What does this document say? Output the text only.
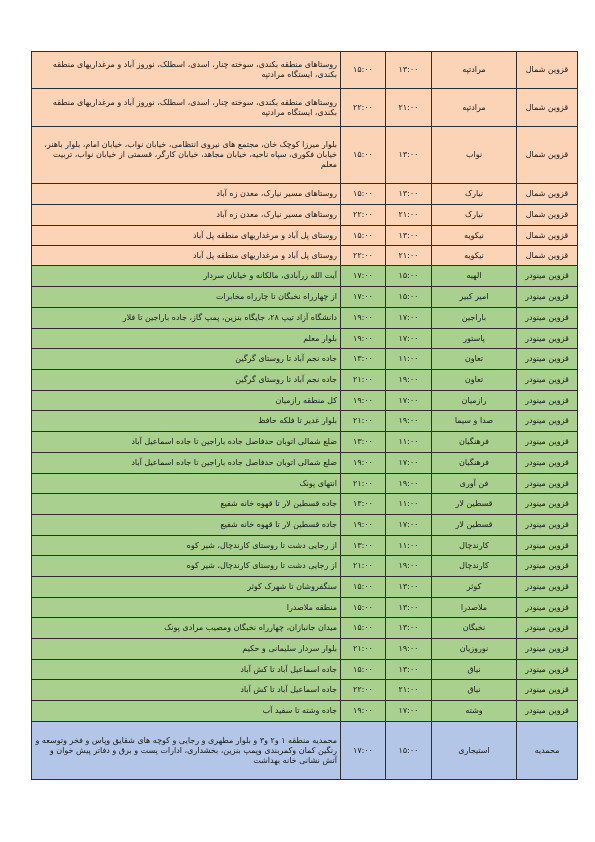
قزوین شمال	مرادتپه	۱۳:۰۰	۱۵:۰۰	روستاهای منطقه بکندی، سوخته چنار، اسدی، اسطلک، نوروز آباد و مرغداریهای منطقه بکندی، ایستگاه مرادتپه
قزوین شمال	مرادتپه	۲۱:۰۰	۲۲:۰۰	روستاهای منطقه بکندی، سوخته چنار، اسدی، اسطلک، نوروز آباد و مرغداریهای منطقه بکندی، ایستگاه مرادتپه
قزوین شمال	نواب	۱۳:۰۰	۱۵:۰۰	بلوار میرزا کوچک خان، مجتمع های نیروی انتظامی، خیابان نواب، خیابان امام، بلوار باهنر، خیابان فکوری، سپاه ناحیه، خیابان مجاهد، خیابان کارگر، قسمتی از خیابان نواب، تربیت معلم
قزوین شمال	نیارک	۱۳:۰۰	۱۵:۰۰	روستاهای مسیر نیارک، معدن زه آباد
قزوین شمال	نیارک	۲۱:۰۰	۲۲:۰۰	روستاهای مسیر نیارک، معدن زه آباد
قزوین شمال	نیکویه	۱۳:۰۰	۱۵:۰۰	روستای پل آباد و مرغداریهای منطقه پل آباد
قزوین شمال	نیکویه	۲۱:۰۰	۲۲:۰۰	روستای پل آباد و مرغداریهای منطقه پل آباد
قزوین مینودر	الهیه	۱۵:۰۰	۱۷:۰۰	آیت الله زرآبادی، مالکانه و خیابان سردار
قزوین مینودر	امیر کبیر	۱۵:۰۰	۱۷:۰۰	از چهارراه نخبگان تا چارراه مخابرات
قزوین مینودر	باراجین	۱۷:۰۰	۱۹:۰۰	دانشگاه آزاد تیپ ۲۸، جایگاه بنزین، پمپ گاز، جاده باراجین تا فلار
قزوین مینودر	پاستور	۱۷:۰۰	۱۹:۰۰	بلوار معلم
قزوین مینودر	تعاون	۱۱:۰۰	۱۳:۰۰	جاده نجم آباد تا روستای گرگین
قزوین مینودر	تعاون	۱۹:۰۰	۲۱:۰۰	جاده نجم آباد تا روستای گرگین
قزوین مینودر	رازمیان	۱۷:۰۰	۱۹:۰۰	کل منطقه رازمیان
قزوین مینودر	صدا و سیما	۱۹:۰۰	۲۱:۰۰	بلوار غدیر تا فلکه حافظ
قزوین مینودر	فرهنگیان	۱۱:۰۰	۱۳:۰۰	ضلع شمالی اتوبان حدفاصل جاده باراجین تا جاده اسماعیل آباد
قزوین مینودر	فرهنگیان	۱۷:۰۰	۱۹:۰۰	ضلع شمالی اتوبان حدفاصل جاده باراجین تا جاده اسماعیل آباد
قزوین مینودر	فن آوری	۱۹:۰۰	۲۱:۰۰	انتهای پونک
قزوین مینودر	قسطین لار	۱۱:۰۰	۱۳:۰۰	جاده قسطین لار تا قهوه خانه شفیع
قزوین مینودر	قسطین لار	۱۷:۰۰	۱۹:۰۰	جاده قسطین لار تا قهوه خانه شفیع
قزوین مینودر	کارندچال	۱۱:۰۰	۱۳:۰۰	از رجایی دشت تا روستای کارندچال، شیر کوه
قزوین مینودر	کارندچال	۱۹:۰۰	۲۱:۰۰	از رجایی دشت تا روستای کارندچال، شیر کوه
قزوین مینودر	کوثر	۱۳:۰۰	۱۵:۰۰	سنگفروشان تا شهرک کوثر
قزوین مینودر	ملاصدرا	۱۳:۰۰	۱۵:۰۰	منطقه ملاصدرا
قزوین مینودر	نخبگان	۱۳:۰۰	۱۵:۰۰	میدان جانبازان، چهارراه نخبگان ومصیب مرادی پونک
قزوین مینودر	نوروزیان	۱۹:۰۰	۲۱:۰۰	بلوار سردار سلیمانی و حکیم
قزوین مینودر	نیاق	۱۳:۰۰	۱۵:۰۰	جاده اسماعیل آباد تا کش آباد
قزوین مینودر	نیاق	۲۱:۰۰	۲۲:۰۰	جاده اسماعیل آباد تا کش آباد
قزوین مینودر	وشته	۱۷:۰۰	۱۹:۰۰	جاده وشته تا سفید آب
محمدیه	استیجاری	۱۵:۰۰	۱۷:۰۰	محمدیه منطقه ۱ و۲ و۳ و بلوار مطهری و رجایی و کوچه های شقایق وپاس و فخر وتوسعه و رنگین کمان وکمربندی وپمپ بنزین، بخشداری، ادارات پست و برق و دفاتر پیش خوان و آتش نشانی خانه بهداشت
